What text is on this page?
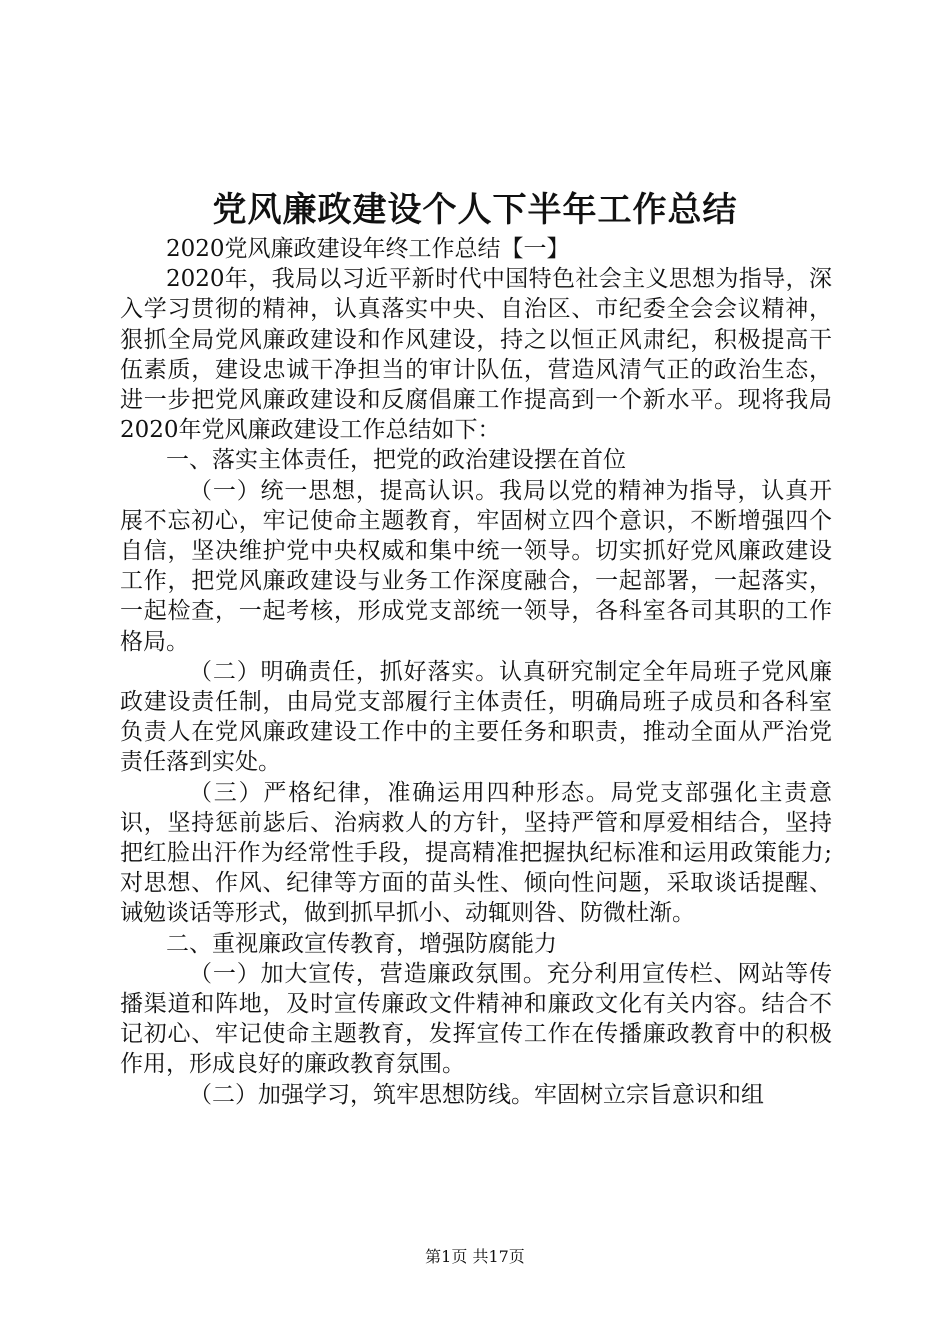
党风廉政建设个人下半年工作总结

2020党风廉政建设年终工作总结【一】

2020年，我局以习近平新时代中国特色社会主义思想为指导，深入学习贯彻的精神，认真落实中央、自治区、市纪委全会会议精神，狠抓全局党风廉政建设和作风建设，持之以恒正风肃纪，积极提高干伍素质，建设忠诚干净担当的审计队伍，营造风清气正的政治生态，进一步把党风廉政建设和反腐倡廉工作提高到一个新水平。现将我局2020年党风廉政建设工作总结如下：

一、落实主体责任，把党的政治建设摆在首位

（一）统一思想，提高认识。我局以党的精神为指导，认真开展不忘初心，牢记使命主题教育，牢固树立四个意识，不断增强四个自信，坚决维护党中央权威和集中统一领导。切实抓好党风廉政建设工作，把党风廉政建设与业务工作深度融合，一起部署，一起落实，一起检查，一起考核，形成党支部统一领导，各科室各司其职的工作格局。

（二）明确责任，抓好落实。认真研究制定全年局班子党风廉政建设责任制，由局党支部履行主体责任，明确局班子成员和各科室负责人在党风廉政建设工作中的主要任务和职责，推动全面从严治党责任落到实处。

（三）严格纪律，准确运用四种形态。局党支部强化主责意识，坚持惩前毖后、治病救人的方针，坚持严管和厚爱相结合，坚持把红脸出汗作为经常性手段，提高精准把握执纪标准和运用政策能力;对思想、作风、纪律等方面的苗头性、倾向性问题，采取谈话提醒、诫勉谈话等形式，做到抓早抓小、动辄则咎、防微杜渐。

二、重视廉政宣传教育，增强防腐能力

（一）加大宣传，营造廉政氛围。充分利用宣传栏、网站等传播渠道和阵地，及时宣传廉政文件精神和廉政文化有关内容。结合不记初心、牢记使命主题教育，发挥宣传工作在传播廉政教育中的积极作用，形成良好的廉政教育氛围。

（二）加强学习，筑牢思想防线。牢固树立宗旨意识和组

第1页 共17页
